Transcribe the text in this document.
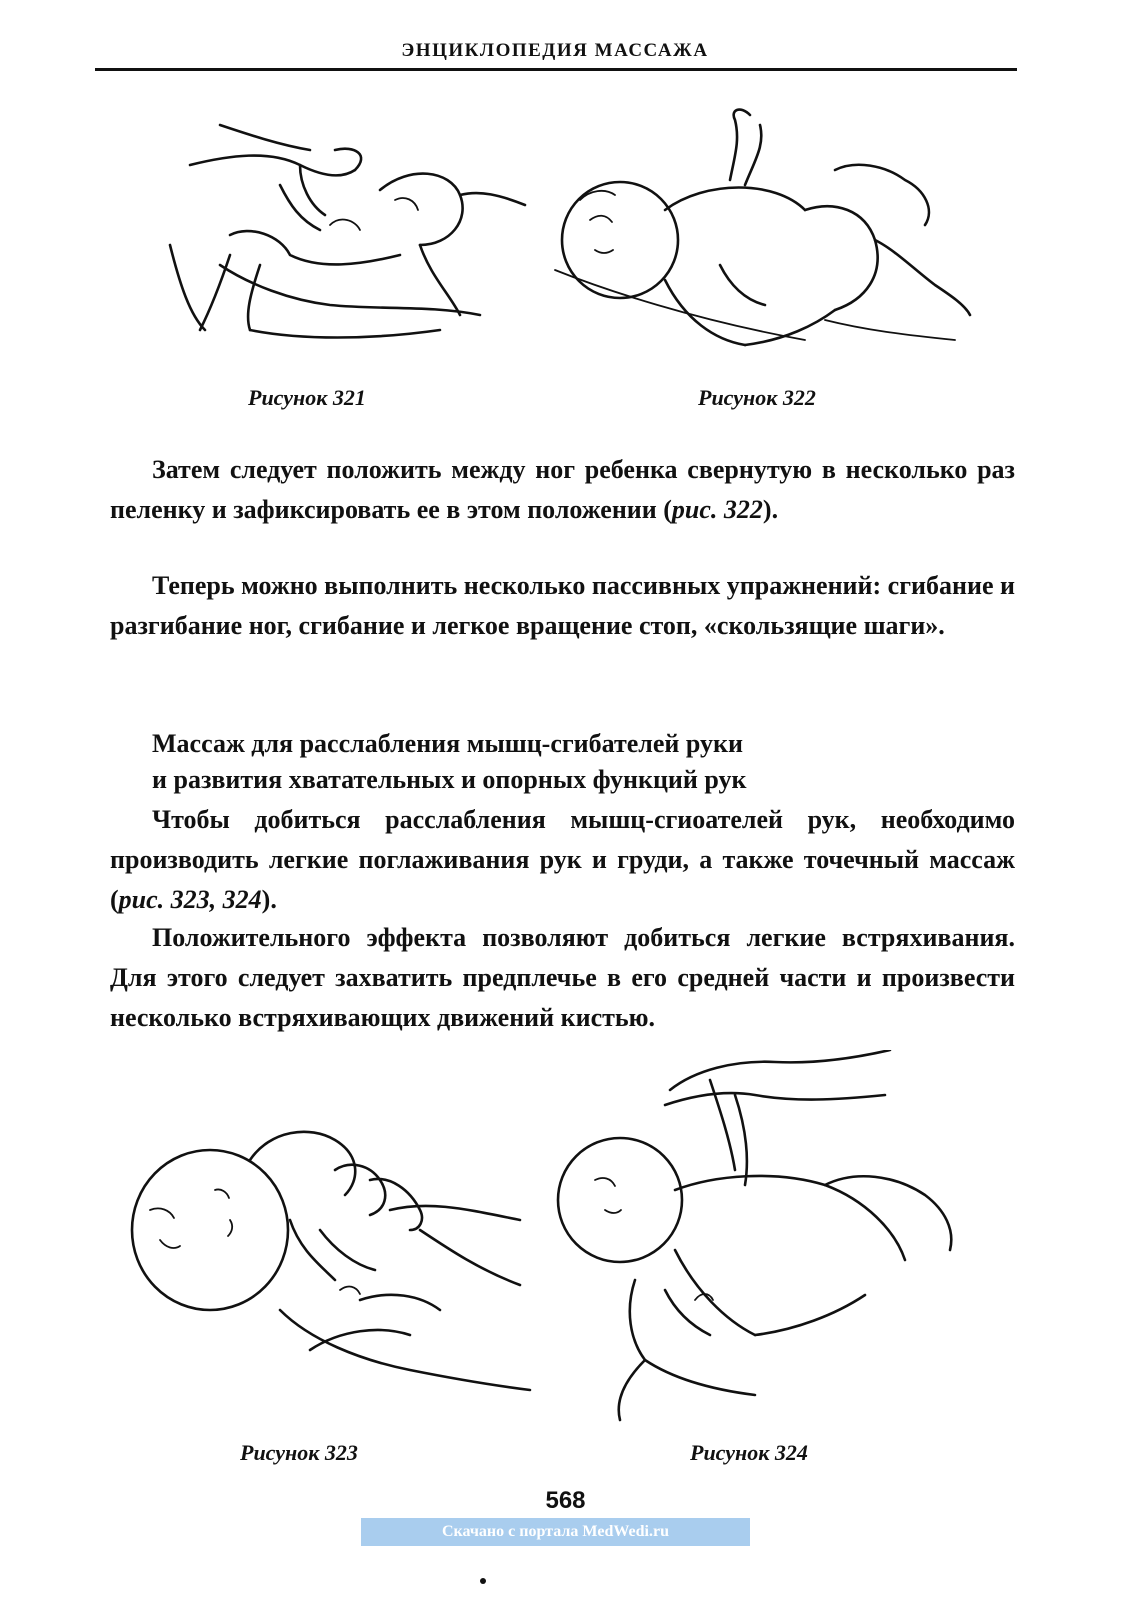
ЭНЦИКЛОПЕДИЯ МАССАЖА
Рисунок 321	Рисунок 322

Затем следует положить между ног ребенка свернутую в несколько раз пеленку и зафиксировать ее в этом положении (рис. 322).

Теперь можно выполнить несколько пассивных упражнений: сгибание и разгибание ног, сгибание и легкое вращение стоп, «скользящие шаги».

Массаж для расслабления мышц-сгибателей руки
и развития хватательных и опорных функций рук

Чтобы добиться расслабления мышц-сгиоателей рук, необходимо производить легкие поглаживания рук и груди, а также точечный массаж (рис. 323, 324).

Положительного эффекта позволяют добиться легкие встряхивания. Для этого следует захватить предплечье в его средней части и произвести несколько встряхивающих движений кистью.

Рисунок 323	Рисунок 324
568
Скачано с портала MedWedi.ru
